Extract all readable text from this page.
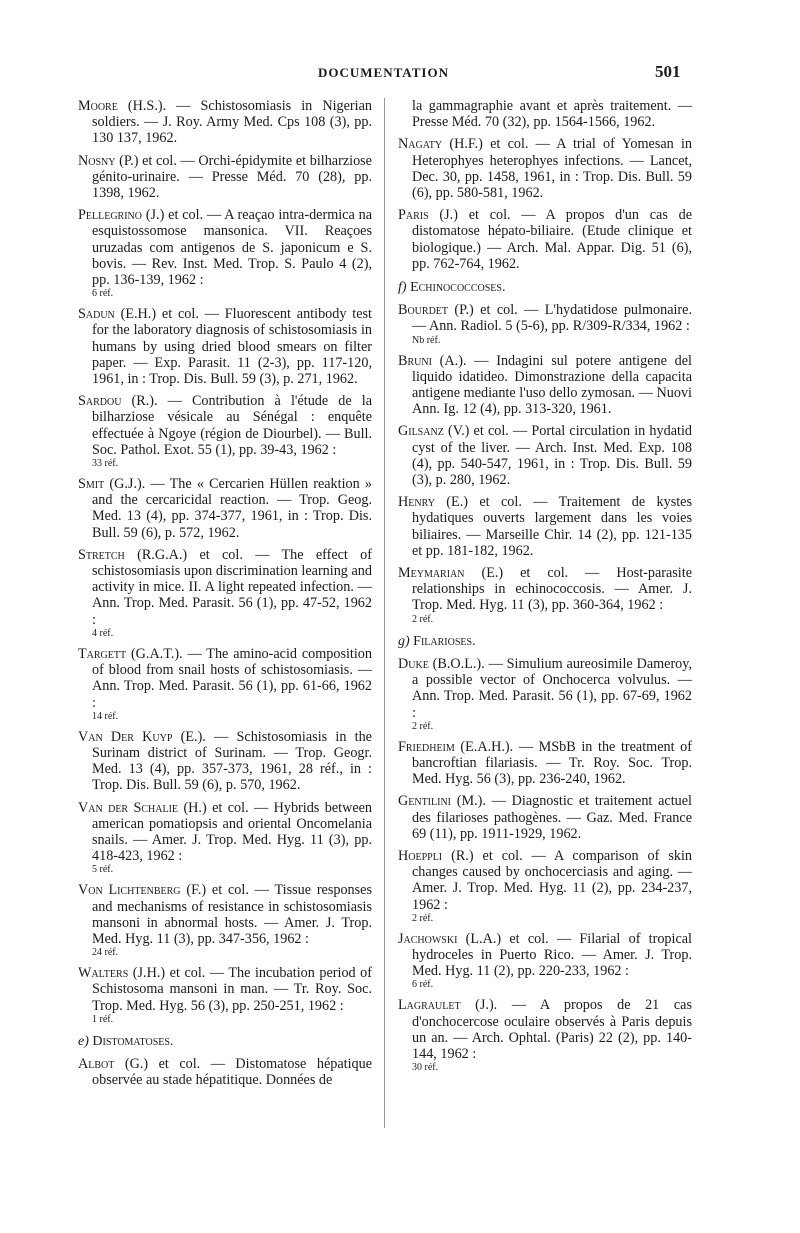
DOCUMENTATION	501
Moore (H.S.). — Schistosomiasis in Nigerian soldiers. — J. Roy. Army Med. Cps 108 (3), pp. 130 137, 1962.
Nosny (P.) et col. — Orchi-épidymite et bilharziose génito-urinaire. — Presse Méd. 70 (28), pp. 1398, 1962.
Pellegrino (J.) et col. — A reaçao intra-dermica na esquistossomose mansonica. VII. Reaçoes uruzadas com antigenos de S. japonicum e S. bovis. — Rev. Inst. Med. Trop. S. Paulo 4 (2), pp. 136-139, 1962 :
6 réf.
Sadun (E.H.) et col. — Fluorescent antibody test for the laboratory diagnosis of schistosomiasis in humans by using dried blood smears on filter paper. — Exp. Parasit. 11 (2-3), pp. 117-120, 1961, in : Trop. Dis. Bull. 59 (3), p. 271, 1962.
Sardou (R.). — Contribution à l'étude de la bilharziose vésicale au Sénégal : enquête effectuée à Ngoye (région de Diourbel). — Bull. Soc. Pathol. Exot. 55 (1), pp. 39-43, 1962 :
33 réf.
Smit (G.J.). — The « Cercarien Hüllen reaktion » and the cercaricidal reaction. — Trop. Geog. Med. 13 (4), pp. 374-377, 1961, in : Trop. Dis. Bull. 59 (6), p. 572, 1962.
Stretch (R.G.A.) et col. — The effect of schistosomiasis upon discrimination learning and activity in mice. II. A light repeated infection. — Ann. Trop. Med. Parasit. 56 (1), pp. 47-52, 1962 :
4 réf.
Targett (G.A.T.). — The amino-acid composition of blood from snail hosts of schistosomiasis. — Ann. Trop. Med. Parasit. 56 (1), pp. 61-66, 1962 :
14 réf.
Van Der Kuyp (E.). — Schistosomiasis in the Surinam district of Surinam. — Trop. Geogr. Med. 13 (4), pp. 357-373, 1961, 28 réf., in : Trop. Dis. Bull. 59 (6), p. 570, 1962.
Van der Schalie (H.) et col. — Hybrids between american pomatiopsis and oriental Oncomelania snails. — Amer. J. Trop. Med. Hyg. 11 (3), pp. 418-423, 1962 :
5 réf.
Von Lichtenberg (F.) et col. — Tissue responses and mechanisms of resistance in schistosomiasis mansoni in abnormal hosts. — Amer. J. Trop. Med. Hyg. 11 (3), pp. 347-356, 1962 :
24 réf.
Walters (J.H.) et col. — The incubation period of Schistosoma mansoni in man. — Tr. Roy. Soc. Trop. Med. Hyg. 56 (3), pp. 250-251, 1962 :
1 réf.
e) Distomatoses.
Albot (G.) et col. — Distomatose hépatique observée au stade hépatitique. Données de
la gammagraphie avant et après traitement. — Presse Méd. 70 (32), pp. 1564-1566, 1962.
Nagaty (H.F.) et col. — A trial of Yomesan in Heterophyes heterophyes infections. — Lancet, Dec. 30, pp. 1458, 1961, in : Trop. Dis. Bull. 59 (6), pp. 580-581, 1962.
Paris (J.) et col. — A propos d'un cas de distomatose hépato-biliaire. (Etude clinique et biologique.) — Arch. Mal. Appar. Dig. 51 (6), pp. 762-764, 1962.
f) Echinococcoses.
Bourdet (P.) et col. — L'hydatidose pulmonaire. — Ann. Radiol. 5 (5-6), pp. R/309-R/334, 1962 :
Nb réf.
Bruni (A.). — Indagini sul potere antigene del liquido idatideo. Dimonstrazione della capacita antigene mediante l'uso dello zymosan. — Nuovi Ann. Ig. 12 (4), pp. 313-320, 1961.
Gilsanz (V.) et col. — Portal circulation in hydatid cyst of the liver. — Arch. Inst. Med. Exp. 108 (4), pp. 540-547, 1961, in : Trop. Dis. Bull. 59 (3), p. 280, 1962.
Henry (E.) et col. — Traitement de kystes hydatiques ouverts largement dans les voies biliaires. — Marseille Chir. 14 (2), pp. 121-135 et pp. 181-182, 1962.
Meymarian (E.) et col. — Host-parasite relationships in echinococcosis. — Amer. J. Trop. Med. Hyg. 11 (3), pp. 360-364, 1962 :
2 réf.
g) Filarioses.
Duke (B.O.L.). — Simulium aureosimile Dameroy, a possible vector of Onchocerca volvulus. — Ann. Trop. Med. Parasit. 56 (1), pp. 67-69, 1962 :
2 réf.
Friedheim (E.A.H.). — MSbB in the treatment of bancroftian filariasis. — Tr. Roy. Soc. Trop. Med. Hyg. 56 (3), pp. 236-240, 1962.
Gentilini (M.). — Diagnostic et traitement actuel des filarioses pathogènes. — Gaz. Med. France 69 (11), pp. 1911-1929, 1962.
Hoeppli (R.) et col. — A comparison of skin changes caused by onchocerciasis and aging. — Amer. J. Trop. Med. Hyg. 11 (2), pp. 234-237, 1962 :
2 réf.
Jachowski (L.A.) et col. — Filarial of tropical hydroceles in Puerto Rico. — Amer. J. Trop. Med. Hyg. 11 (2), pp. 220-233, 1962 :
6 réf.
Lagraulet (J.). — A propos de 21 cas d'onchocercose oculaire observés à Paris depuis un an. — Arch. Ophtal. (Paris) 22 (2), pp. 140-144, 1962 :
30 réf.
